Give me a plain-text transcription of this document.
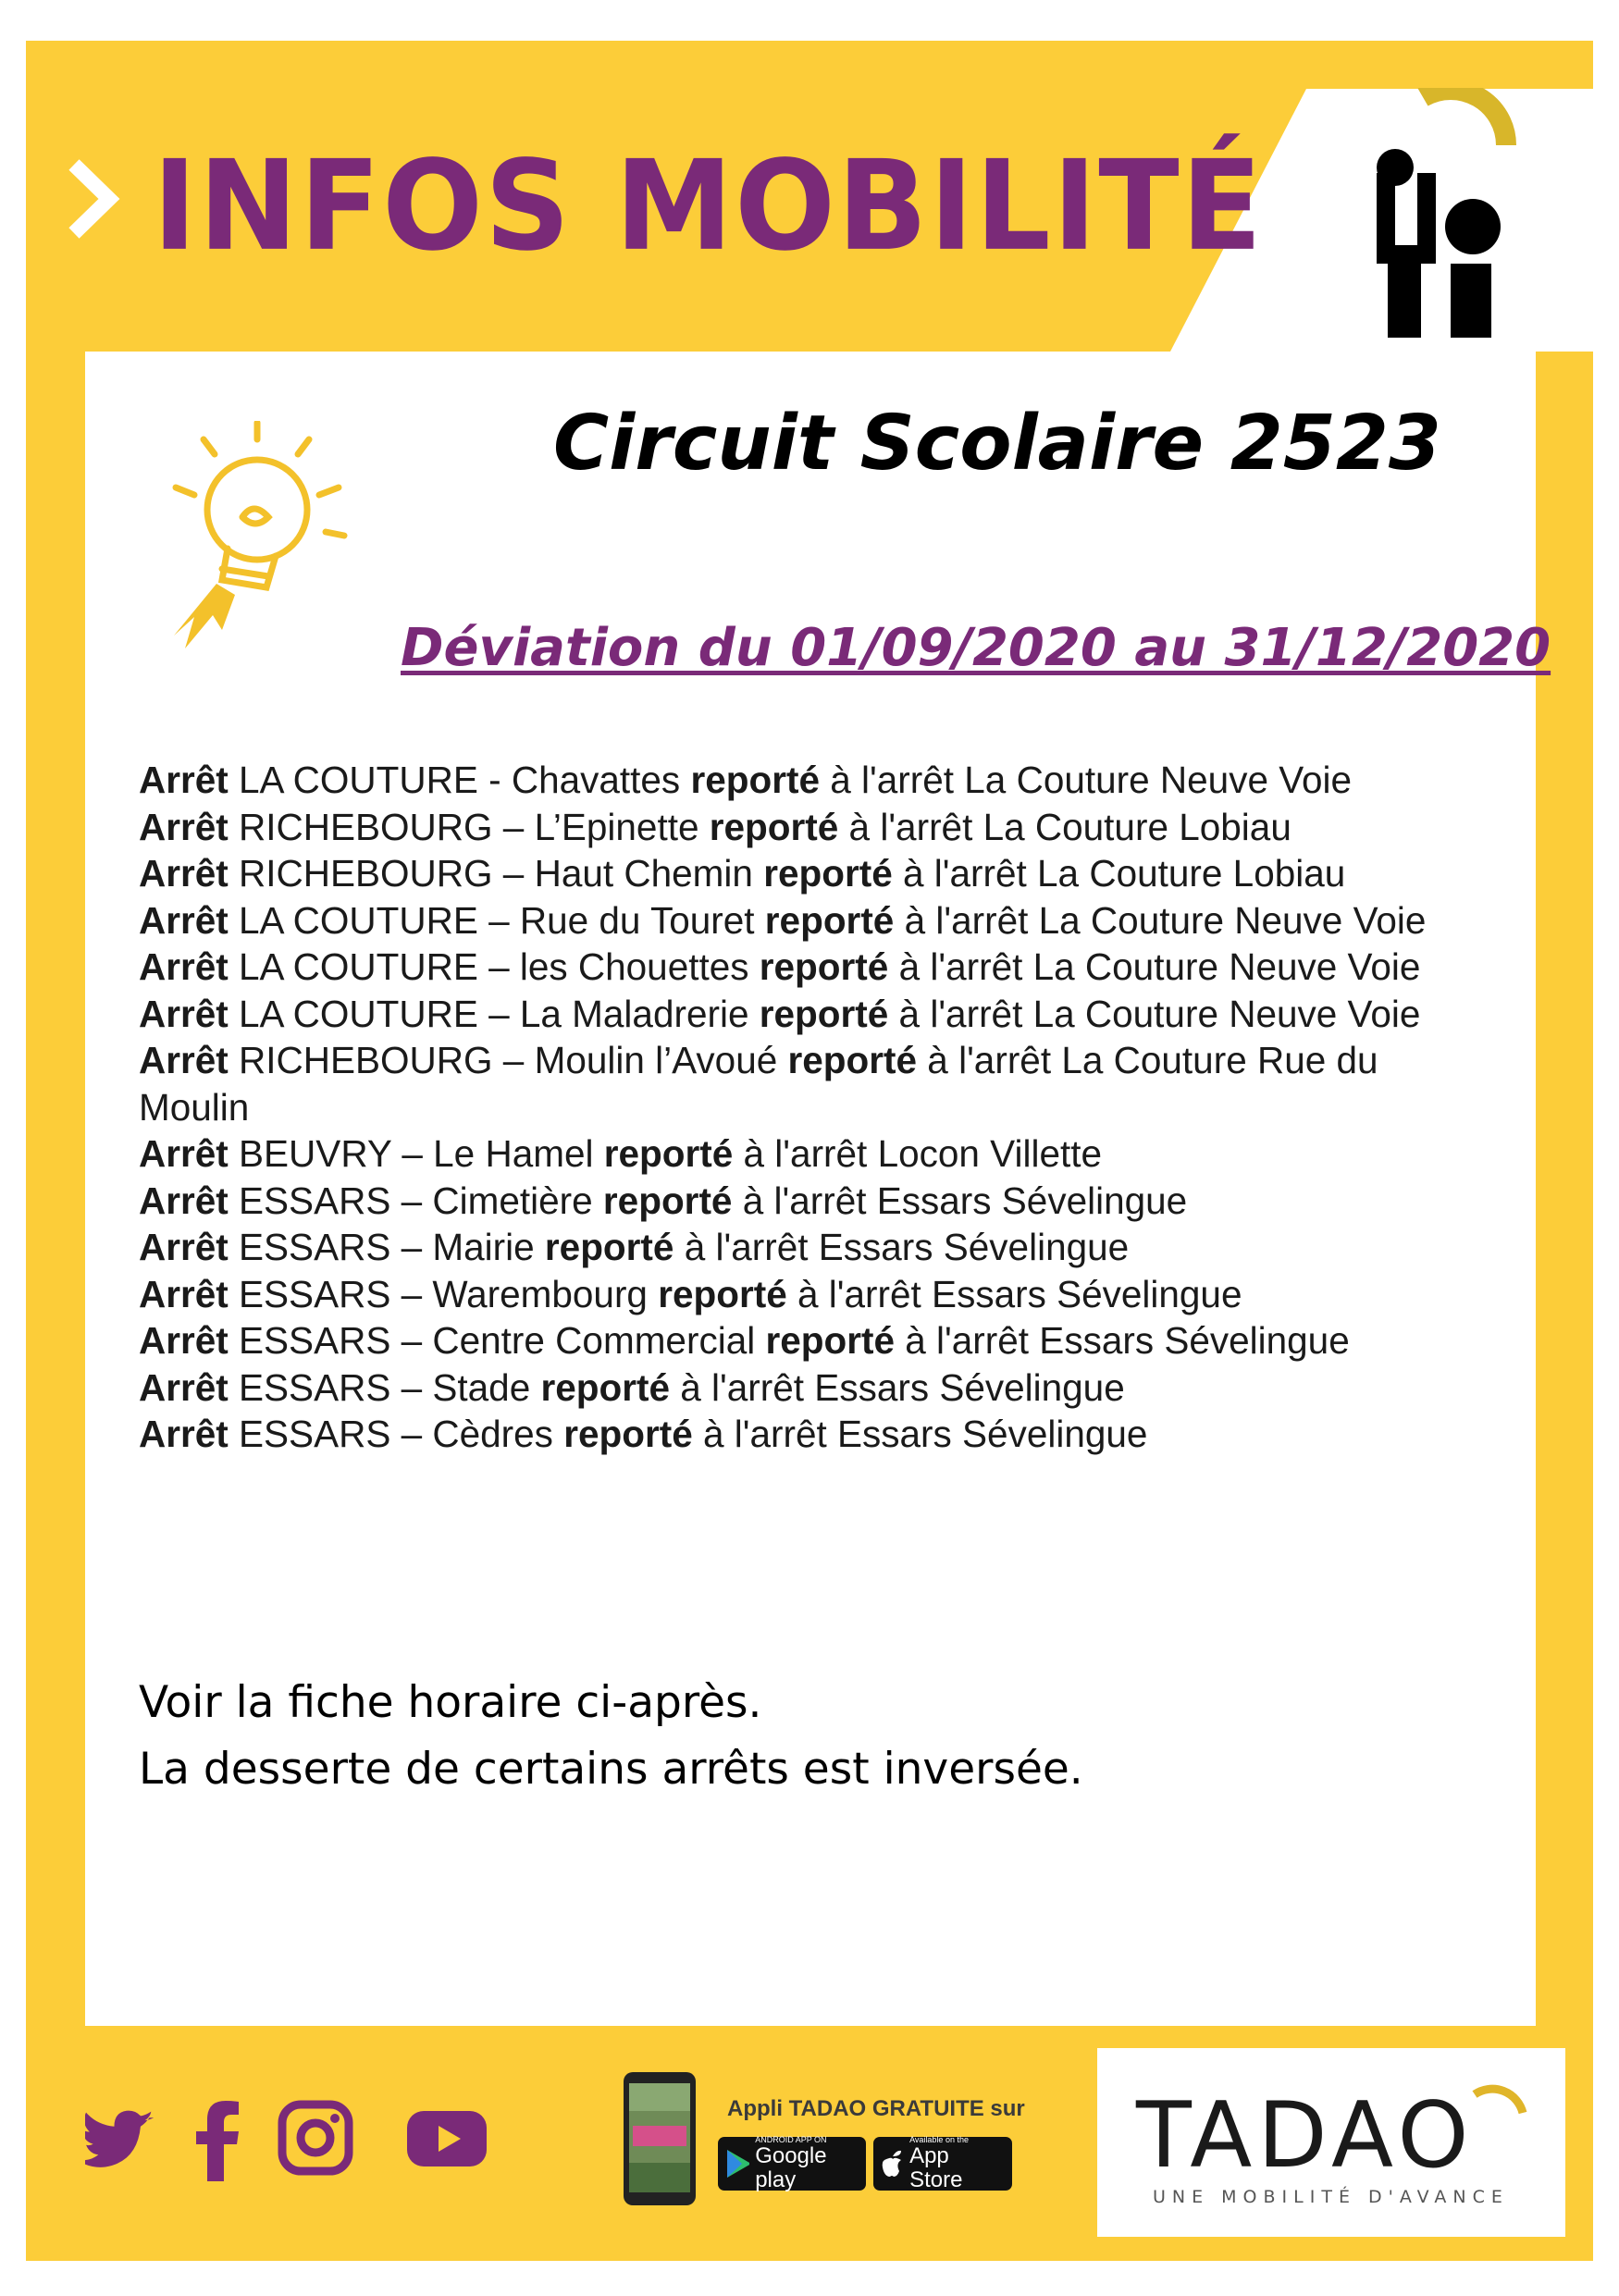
INFOS MOBILITÉ
Circuit Scolaire 2523
Déviation du 01/09/2020 au 31/12/2020
Arrêt LA COUTURE - Chavattes reporté à l'arrêt La Couture Neuve Voie
Arrêt RICHEBOURG – L’Epinette reporté à l'arrêt La Couture Lobiau
Arrêt RICHEBOURG – Haut Chemin reporté à l'arrêt La Couture Lobiau
Arrêt LA COUTURE – Rue du Touret reporté à l'arrêt La Couture Neuve Voie
Arrêt LA COUTURE – les Chouettes reporté à l'arrêt La Couture Neuve Voie
Arrêt LA COUTURE – La Maladrerie reporté à l'arrêt La Couture Neuve Voie
Arrêt RICHEBOURG – Moulin l’Avoué reporté à l'arrêt La Couture Rue du Moulin
Arrêt BEUVRY – Le Hamel reporté à l'arrêt Locon Villette
Arrêt ESSARS – Cimetière reporté à l'arrêt Essars Sévelingue
Arrêt ESSARS – Mairie reporté à l'arrêt Essars Sévelingue
Arrêt ESSARS – Warembourg reporté à l'arrêt Essars Sévelingue
Arrêt ESSARS – Centre Commercial reporté à l'arrêt Essars Sévelingue
Arrêt ESSARS – Stade reporté à l'arrêt Essars Sévelingue
Arrêt ESSARS – Cèdres reporté à l'arrêt Essars Sévelingue
Voir la fiche horaire ci-après.
La desserte de certains arrêts est inversée.
Appli TADAO GRATUITE sur
ANDROID APP ON
Google play
Available on the
App Store	TADAO
UNE MOBILITÉ D'AVANCE
